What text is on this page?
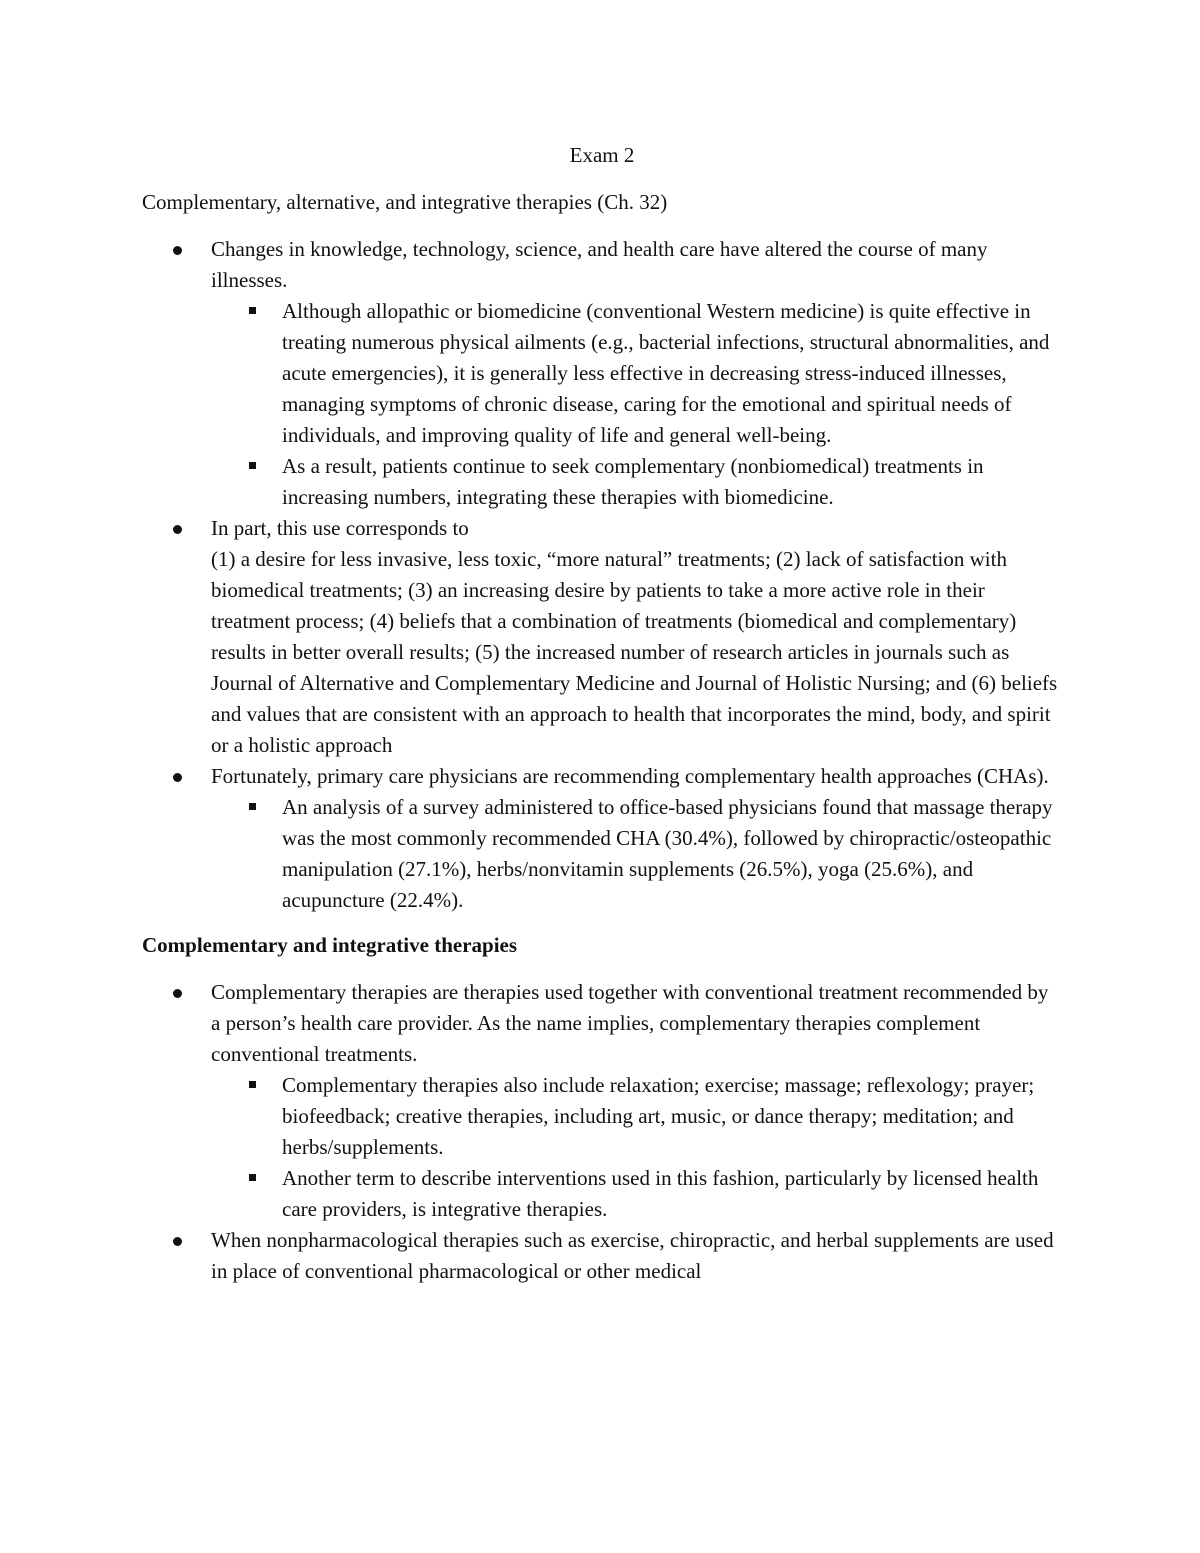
Exam 2
Complementary, alternative, and integrative therapies (Ch. 32)
Changes in knowledge, technology, science, and health care have altered the course of many illnesses.
Although allopathic or biomedicine (conventional Western medicine) is quite effective in treating numerous physical ailments (e.g., bacterial infections, structural abnormalities, and acute emergencies), it is generally less effective in decreasing stress-induced illnesses, managing symptoms of chronic disease, caring for the emotional and spiritual needs of individuals, and improving quality of life and general well-being.
As a result, patients continue to seek complementary (nonbiomedical) treatments in increasing numbers, integrating these therapies with biomedicine.
In part, this use corresponds to
(1) a desire for less invasive, less toxic, “more natural” treatments; (2) lack of satisfaction with biomedical treatments; (3) an increasing desire by patients to take a more active role in their treatment process; (4) beliefs that a combination of treatments (biomedical and complementary) results in better overall results; (5) the increased number of research articles in journals such as Journal of Alternative and Complementary Medicine and Journal of Holistic Nursing; and (6) beliefs and values that are consistent with an approach to health that incorporates the mind, body, and spirit or a holistic approach
Fortunately, primary care physicians are recommending complementary health approaches (CHAs).
An analysis of a survey administered to office-based physicians found that massage therapy was the most commonly recommended CHA (30.4%), followed by chiropractic/osteopathic manipulation (27.1%), herbs/nonvitamin supplements (26.5%), yoga (25.6%), and acupuncture (22.4%).
Complementary and integrative therapies
Complementary therapies are therapies used together with conventional treatment recommended by a person’s health care provider. As the name implies, complementary therapies complement conventional treatments.
Complementary therapies also include relaxation; exercise; massage; reflexology; prayer; biofeedback; creative therapies, including art, music, or dance therapy; meditation; and herbs/supplements.
Another term to describe interventions used in this fashion, particularly by licensed health care providers, is integrative therapies.
When nonpharmacological therapies such as exercise, chiropractic, and herbal supplements are used in place of conventional pharmacological or other medical
